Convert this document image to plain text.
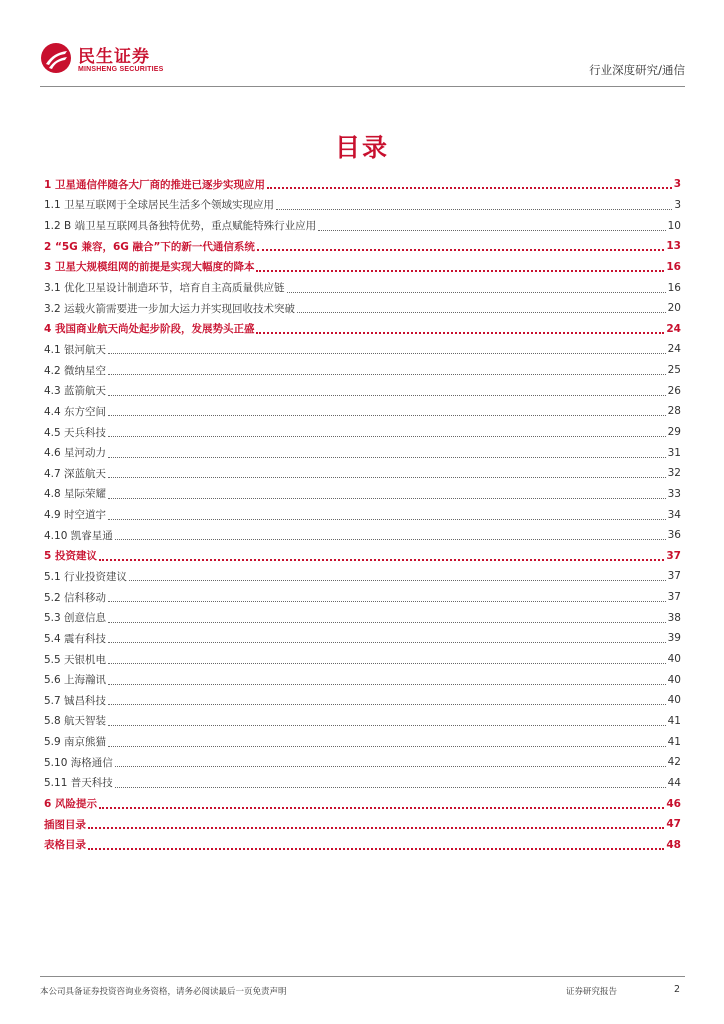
民生证券
MINSHENG SECURITIES	行业深度研究/通信
目录
1 卫星通信伴随各大厂商的推进已逐步实现应用	3
1.1 卫星互联网于全球居民生活多个领域实现应用	3
1.2 B 端卫星互联网具备独特优势，重点赋能特殊行业应用	10
2 “5G 兼容，6G 融合”下的新一代通信系统	13
3 卫星大规模组网的前提是实现大幅度的降本	16
3.1 优化卫星设计制造环节，培育自主高质量供应链	16
3.2 运载火箭需要进一步加大运力并实现回收技术突破	20
4 我国商业航天尚处起步阶段，发展势头正盛	24
4.1 银河航天	24
4.2 微纳星空	25
4.3 蓝箭航天	26
4.4 东方空间	28
4.5 天兵科技	29
4.6 星河动力	31
4.7 深蓝航天	32
4.8 星际荣耀	33
4.9 时空道宇	34
4.10 凯睿星通	36
5 投资建议	37
5.1 行业投资建议	37
5.2 信科移动	37
5.3 创意信息	38
5.4 震有科技	39
5.5 天银机电	40
5.6 上海瀚讯	40
5.7 铖昌科技	40
5.8 航天智装	41
5.9 南京熊猫	41
5.10 海格通信	42
5.11 普天科技	44
6 风险提示	46
插图目录	47
表格目录	48
本公司具备证券投资咨询业务资格，请务必阅读最后一页免责声明	证券研究报告	2
